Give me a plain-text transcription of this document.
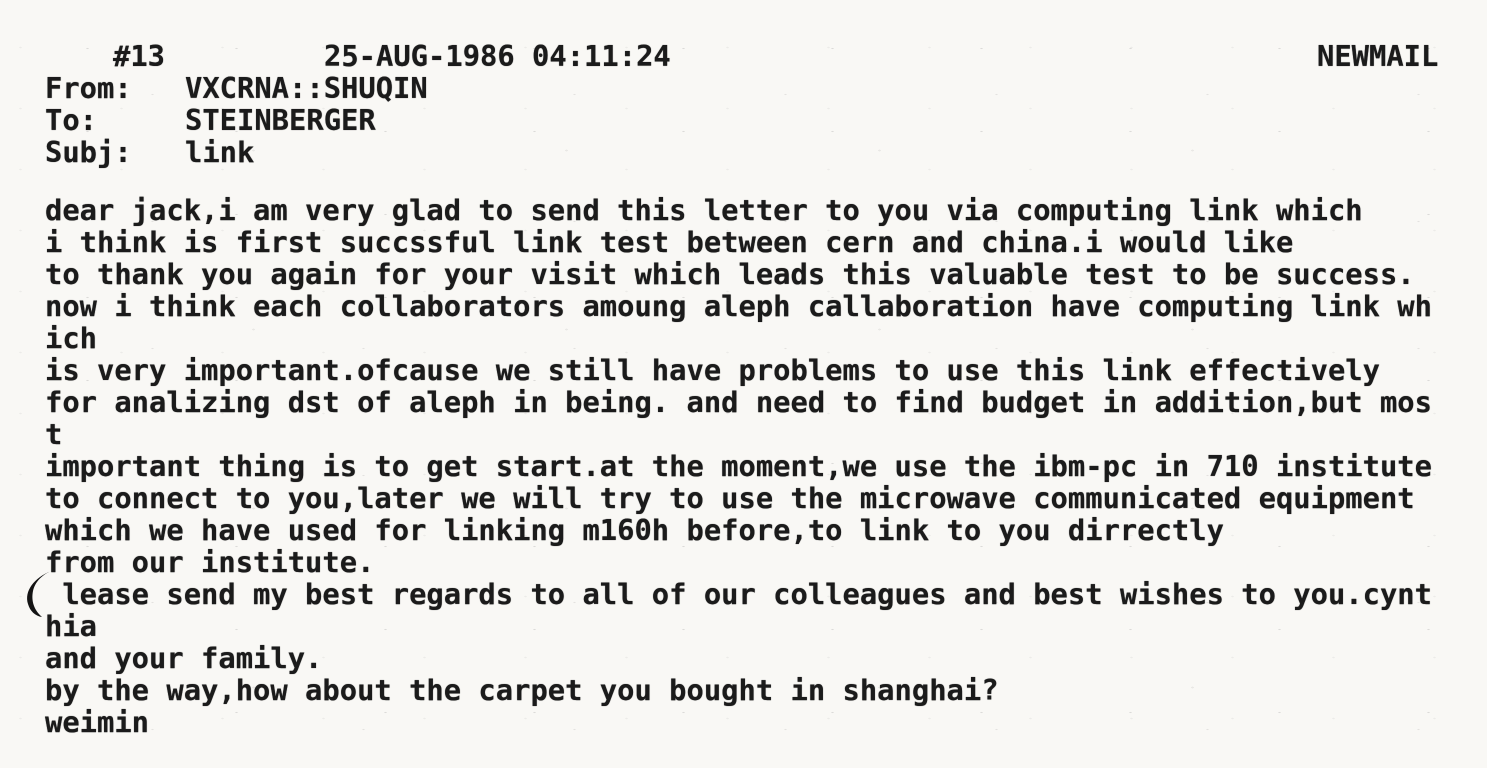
#13	25-AUG-1986 04:11:24	NEWMAIL
From: VXCRNA::SHUQIN
To:	STEINBERGER
Subj: link
dear jack,i am very glad to send this letter to you via computing link which
i think is first succssful link test between cern and china.i would like
to thank you again for your visit which leads this valuable test to be success.
now i think each collaborators amoung aleph callaboration have computing link wh
ich
is very important.ofcause we still have problems to use this link effectively
for analizing dst of aleph in being. and need to find budget in addition,but mos
t
important thing is to get start.at the moment,we use the ibm-pc in 710 institute
to connect to you,later we will try to use the microwave communicated equipment
which we have used for linking m160h before,to link to you dirrectly
from our institute.
lease send my best regards to all of our colleagues and best wishes to you.cynt
hia
and your family.
by the way,how about the carpet you bought in shanghai?
weimin
